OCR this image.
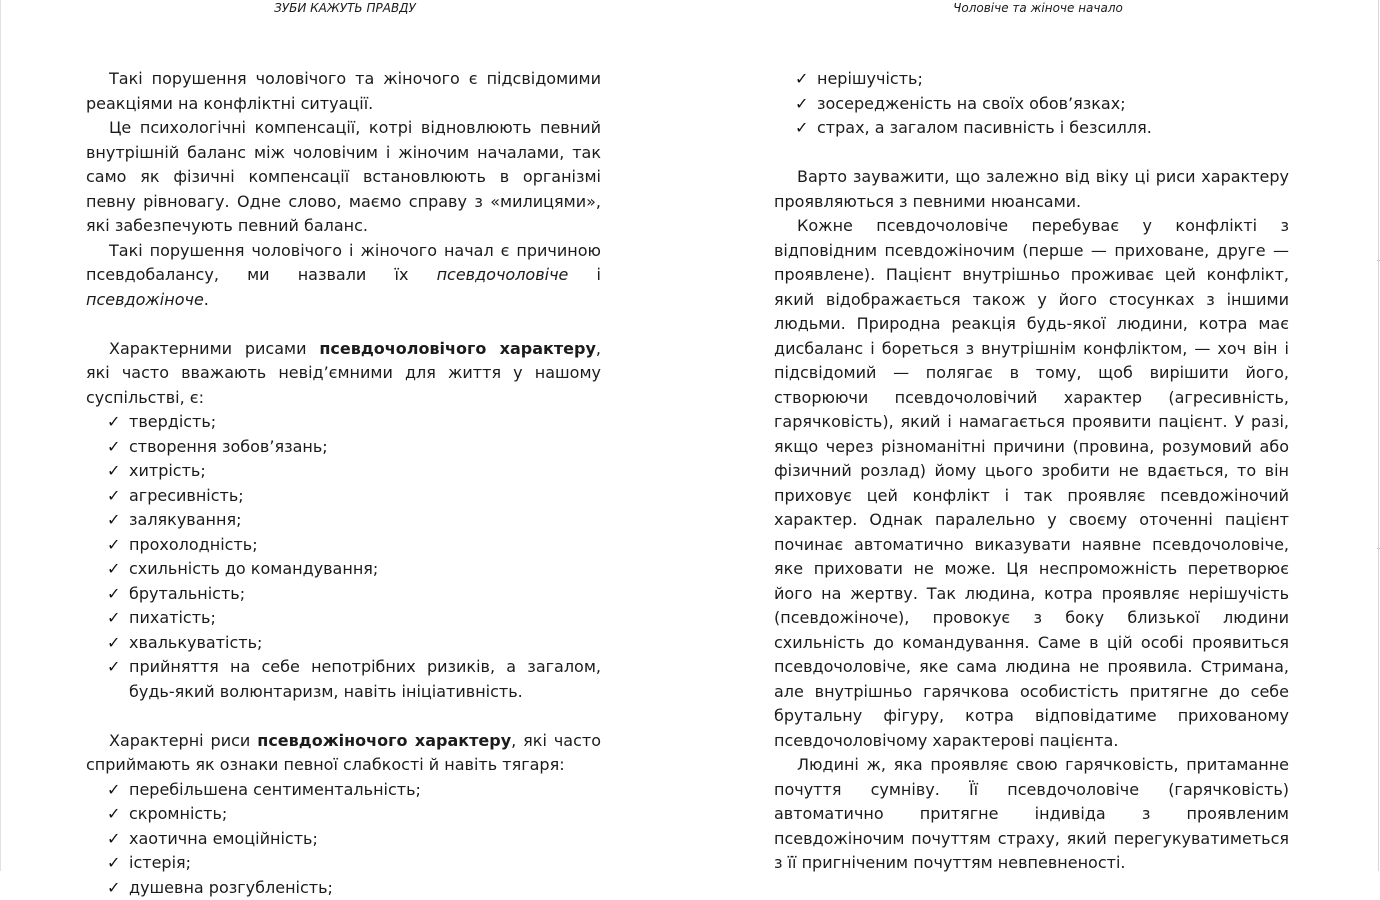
ЗУБИ КАЖУТЬ ПРАВДУ

Такі порушення чоловічого та жіночого є підсвідомими реакціями на конфліктні ситуації.

Це психологічні компенсації, котрі відновлюють певний внутрішній баланс між чоловічим і жіночим началами, так само як фізичні компенсації встановлюють в організмі певну рівновагу. Одне слово, маємо справу з «милицями», які забезпечують певний баланс.

Такі порушення чоловічого і жіночого начал є причиною псевдобалансу, ми назвали їх псевдочоловіче і псевдожіноче.

Характерними рисами псевдочоловічого характеру, які часто вважають невід’ємними для життя у нашому суспільстві, є:

✓ твердість;
✓ створення зобов’язань;
✓ хитрість;
✓ агресивність;
✓ залякування;
✓ прохолодність;
✓ схильність до командування;
✓ брутальність;
✓ пихатість;
✓ хвалькуватість;
✓ прийняття на себе непотрібних ризиків, а загалом, будь-який волюнтаризм, навіть ініціативність.

Характерні риси псевдожіночого характеру, які часто сприймають як ознаки певної слабкості й навіть тягаря:

✓ перебільшена сентиментальність;
✓ скромність;
✓ хаотична емоційність;
✓ істерія;
✓ душевна розгубленість;
Чоловіче та жіноче начало
✓ нерішучість;
✓ зосередженість на своїх обов’язках;
✓ страх, а загалом пасивність і безсилля.

Варто зауважити, що залежно від віку ці риси характеру проявляються з певними нюансами.

Кожне псевдочоловіче перебуває у конфлікті з відповідним псевдожіночим (перше — приховане, друге — проявлене). Пацієнт внутрішньо проживає цей конфлікт, який відображається також у його стосунках з іншими людьми. Природна реакція будь-якої людини, котра має дисбаланс і бореться з внутрішнім конфліктом, — хоч він і підсвідомий — полягає в тому, щоб вирішити його, створюючи псевдочоловічий характер (агресивність, гарячковість), який і намагається проявити пацієнт. У разі, якщо через різноманітні причини (провина, розумовий або фізичний розлад) йому цього зробити не вдається, то він приховує цей конфлікт і так проявляє псевдожіночий характер. Однак паралельно у своєму оточенні пацієнт починає автоматично виказувати наявне псевдочоловіче, яке приховати не може. Ця неспроможність перетворює його на жертву. Так людина, котра проявляє нерішучість (псевдожіноче), провокує з боку близької людини схильність до командування. Саме в цій особі проявиться псевдочоловіче, яке сама людина не проявила. Стримана, але внутрішньо гарячкова особистість притягне до себе брутальну фігуру, котра відповідатиме прихованому псевдочоловічому характерові пацієнта.

Людині ж, яка проявляє свою гарячковість, притаманне почуття сумніву. Її псевдочоловіче (гарячковість) автоматично притягне індивіда з проявленим псевдожіночим почуттям страху, який перегукуватиметься з її пригніченим почуттям невпевненості.
